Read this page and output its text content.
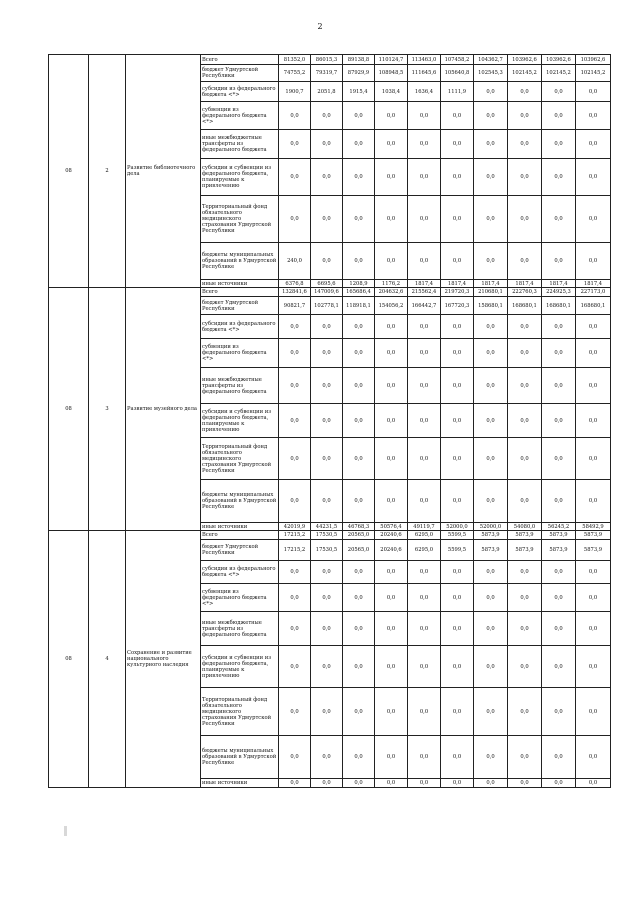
2
08	2	Развитие библиотечного дела	Всего	81352,0	86015,3	89138,8	110124,7	113463,0	107458,2	104362,7	103962,6	103962,6	103962,6
			бюджет Удмуртской Республики	74755,2	79319,7	87929,9	108948,5	111645,6	105640,8	102545,3	102145,2	102145,2	102145,2
			субсидии из федерального бюджета <*>	1900,7	2051,8	1915,4	1038,4	1636,4	1111,9	0,0	0,0	0,0	0,0
			субвенции из федерального бюджета <*>	0,0	0,0	0,0	0,0	0,0	0,0	0,0	0,0	0,0	0,0
			иные межбюджетные трансферты из федерального бюджета	0,0	0,0	0,0	0,0	0,0	0,0	0,0	0,0	0,0	0,0
			субсидии и субвенции из федерального бюджета, планируемые к привлечению	0,0	0,0	0,0	0,0	0,0	0,0	0,0	0,0	0,0	0,0
			Территориальный фонд обязательного медицинского страхования Удмуртской Республики	0,0	0,0	0,0	0,0	0,0	0,0	0,0	0,0	0,0	0,0
			бюджеты муниципальных образований в Удмуртской Республике	240,0	0,0	0,0	0,0	0,0	0,0	0,0	0,0	0,0	0,0
			иные источники	6376,8	6695,6	1208,9	1176,2	1817,4	1817,4	1817,4	1817,4	1817,4	1817,4
08	3	Развитие музейного дела	Всего	132841,6	147009,6	165686,4	204632,6	215562,4	219720,3	210680,1	222760,3	224925,3	227173,0
			бюджет Удмуртской Республики	90821,7	102778,1	118918,1	154056,2	166442,7	167720,3	158680,1	168680,1	168680,1	168680,1
			субсидии из федерального бюджета <*>	0,0	0,0	0,0	0,0	0,0	0,0	0,0	0,0	0,0	0,0
			субвенции из федерального бюджета <*>	0,0	0,0	0,0	0,0	0,0	0,0	0,0	0,0	0,0	0,0
			иные межбюджетные трансферты из федерального бюджета	0,0	0,0	0,0	0,0	0,0	0,0	0,0	0,0	0,0	0,0
			субсидии и субвенции из федерального бюджета, планируемые к привлечению	0,0	0,0	0,0	0,0	0,0	0,0	0,0	0,0	0,0	0,0
			Территориальный фонд обязательного медицинского страхования Удмуртской Республики	0,0	0,0	0,0	0,0	0,0	0,0	0,0	0,0	0,0	0,0
			бюджеты муниципальных образований в Удмуртской Республике	0,0	0,0	0,0	0,0	0,0	0,0	0,0	0,0	0,0	0,0
			иные источники	42019,9	44231,5	46768,3	50576,4	49119,7	52000,0	52000,0	54080,0	56245,2	58492,9
08	4	Сохранение и развитие национального культурного наследия	Всего	17215,2	17530,5	20565,0	20240,6	6295,0	5599,5	5873,9	5873,9	5873,9	5873,9
			бюджет Удмуртской Республики	17215,2	17530,5	20565,0	20240,6	6295,0	5599,5	5873,9	5873,9	5873,9	5873,9
			субсидии из федерального бюджета <*>	0,0	0,0	0,0	0,0	0,0	0,0	0,0	0,0	0,0	0,0
			субвенции из федерального бюджета <*>	0,0	0,0	0,0	0,0	0,0	0,0	0,0	0,0	0,0	0,0
			иные межбюджетные трансферты из федерального бюджета	0,0	0,0	0,0	0,0	0,0	0,0	0,0	0,0	0,0	0,0
			субсидии и субвенции из федерального бюджета, планируемые к привлечению	0,0	0,0	0,0	0,0	0,0	0,0	0,0	0,0	0,0	0,0
			Территориальный фонд обязательного медицинского страхования Удмуртской Республики	0,0	0,0	0,0	0,0	0,0	0,0	0,0	0,0	0,0	0,0
			бюджеты муниципальных образований в Удмуртской Республике	0,0	0,0	0,0	0,0	0,0	0,0	0,0	0,0	0,0	0,0
			иные источники	0,0	0,0	0,0	0,0	0,0	0,0	0,0	0,0	0,0	0,0
